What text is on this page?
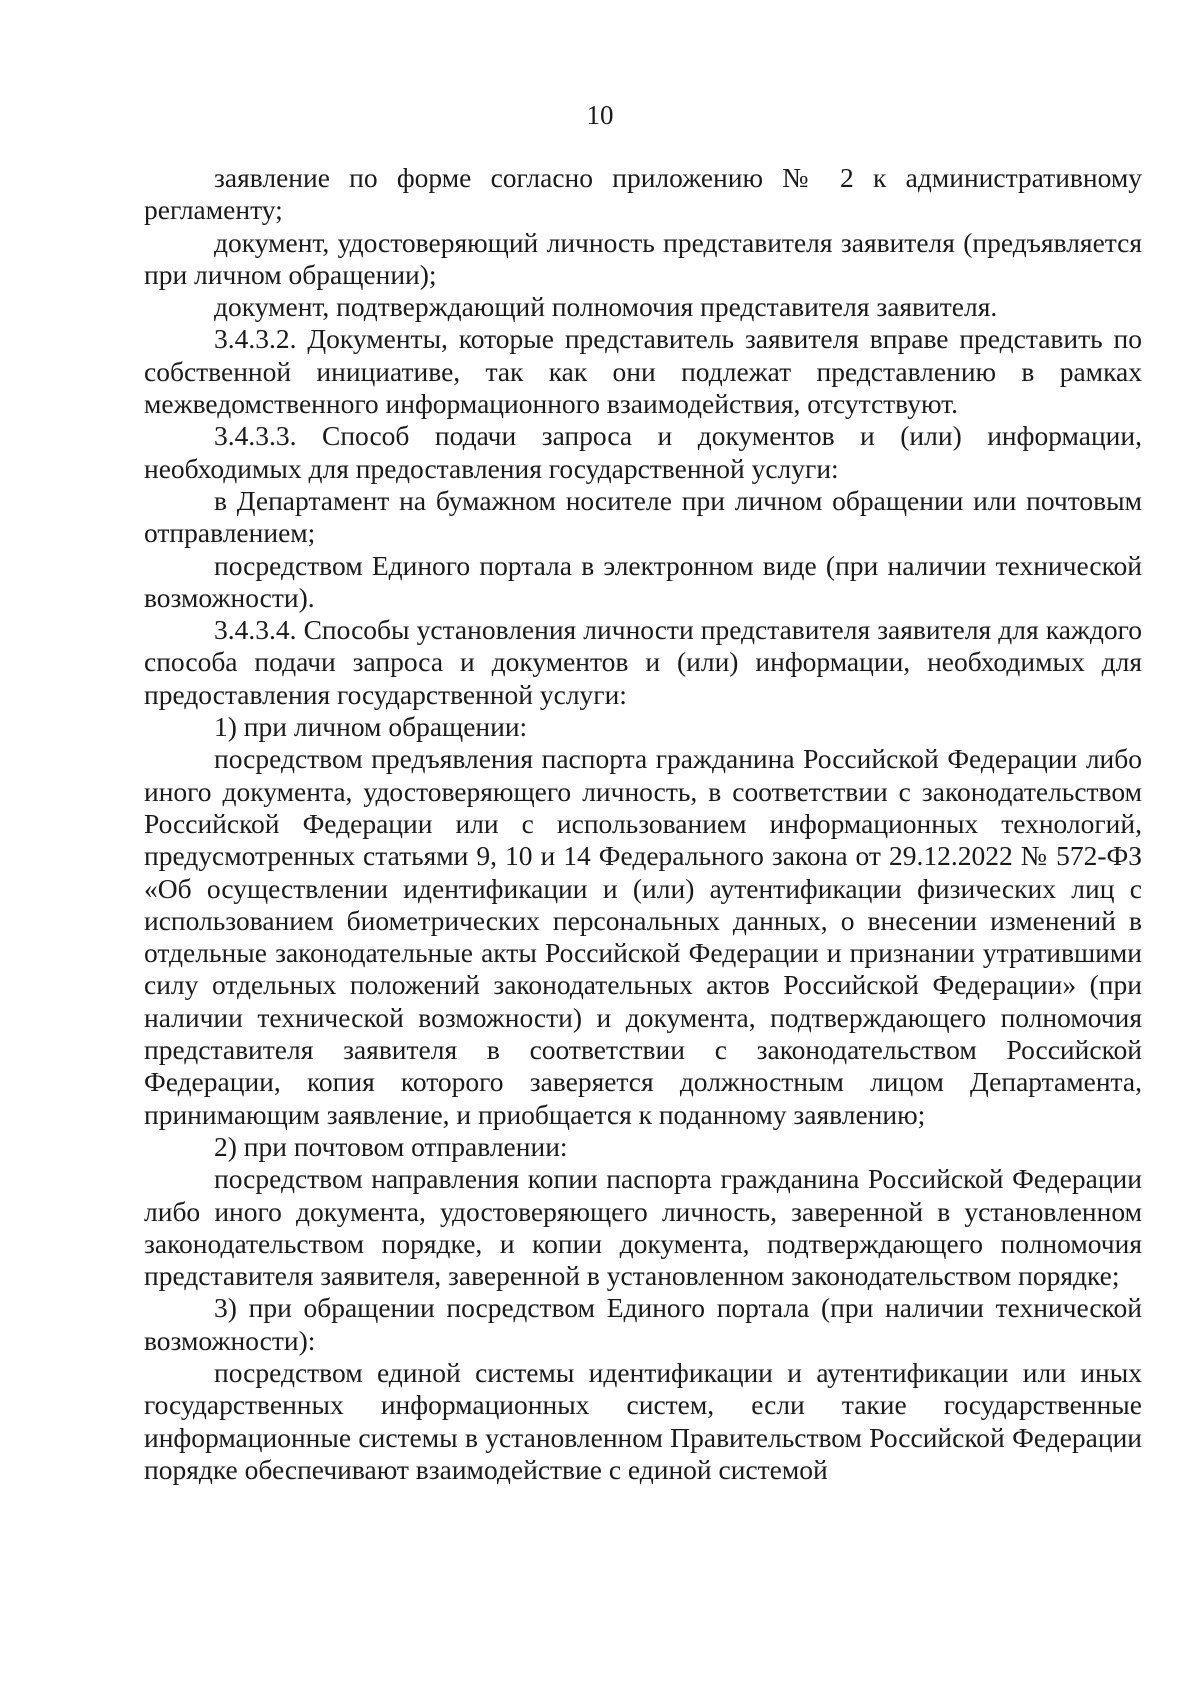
10

заявление по форме согласно приложению № 2 к административному регламенту;

документ, удостоверяющий личность представителя заявителя (предъявляется при личном обращении);

документ, подтверждающий полномочия представителя заявителя.

3.4.3.2. Документы, которые представитель заявителя вправе представить по собственной инициативе, так как они подлежат представлению в рамках межведомственного информационного взаимодействия, отсутствуют.

3.4.3.3. Способ подачи запроса и документов и (или) информации, необходимых для предоставления государственной услуги:

в Департамент на бумажном носителе при личном обращении или почтовым отправлением;

посредством Единого портала в электронном виде (при наличии технической возможности).

3.4.3.4. Способы установления личности представителя заявителя для каждого способа подачи запроса и документов и (или) информации, необходимых для предоставления государственной услуги:

1) при личном обращении:

посредством предъявления паспорта гражданина Российской Федерации либо иного документа, удостоверяющего личность, в соответствии с законодательством Российской Федерации или с использованием информационных технологий, предусмотренных статьями 9, 10 и 14 Федерального закона от 29.12.2022 № 572-ФЗ «Об осуществлении идентификации и (или) аутентификации физических лиц с использованием биометрических персональных данных, о внесении изменений в отдельные законодательные акты Российской Федерации и признании утратившими силу отдельных положений законодательных актов Российской Федерации» (при наличии технической возможности) и документа, подтверждающего полномочия представителя заявителя в соответствии с законодательством Российской Федерации, копия которого заверяется должностным лицом Департамента, принимающим заявление, и приобщается к поданному заявлению;

2) при почтовом отправлении:

посредством направления копии паспорта гражданина Российской Федерации либо иного документа, удостоверяющего личность, заверенной в установленном законодательством порядке, и копии документа, подтверждающего полномочия представителя заявителя, заверенной в установленном законодательством порядке;

3) при обращении посредством Единого портала (при наличии технической возможности):

посредством единой системы идентификации и аутентификации или иных государственных информационных систем, если такие государственные информационные системы в установленном Правительством Российской Федерации порядке обеспечивают взаимодействие с единой системой
